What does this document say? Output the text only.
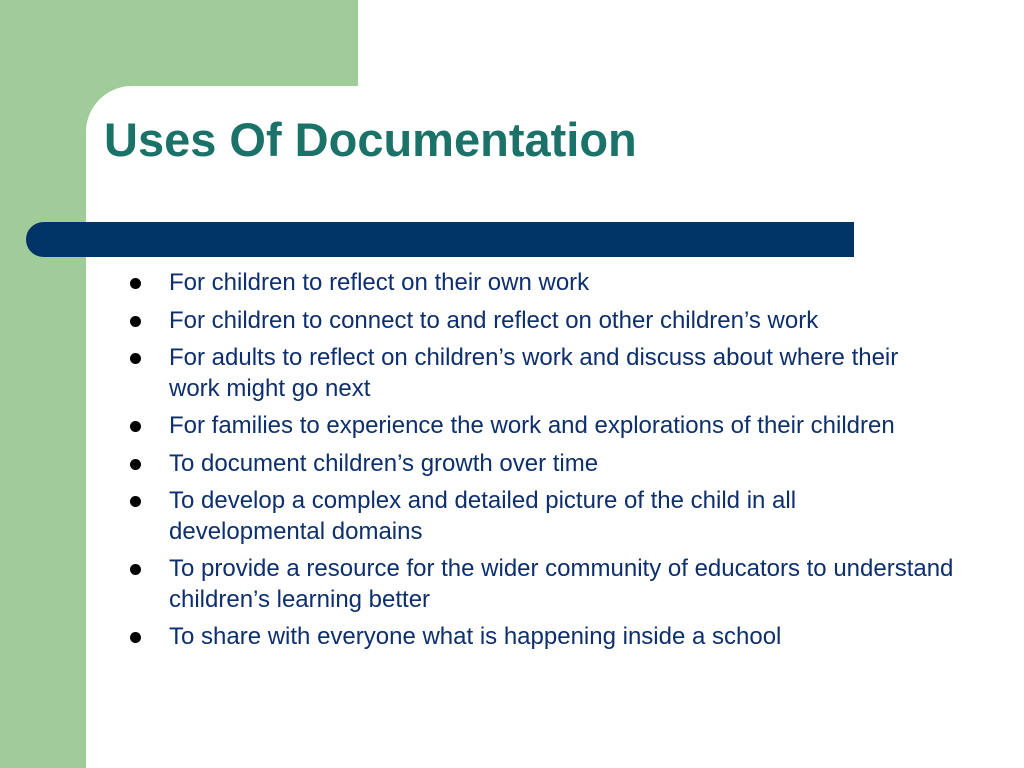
Uses Of Documentation
For children to reflect on their own work
For children to connect to and reflect on other children’s work
For adults to reflect on children’s work and discuss about where their work might go next
For families to experience the work and explorations of their children
To document children’s growth over time
To develop a complex and detailed picture of the child in all developmental domains
To provide a resource for the wider community of educators to understand children’s learning better
To share with everyone what is happening inside a school
